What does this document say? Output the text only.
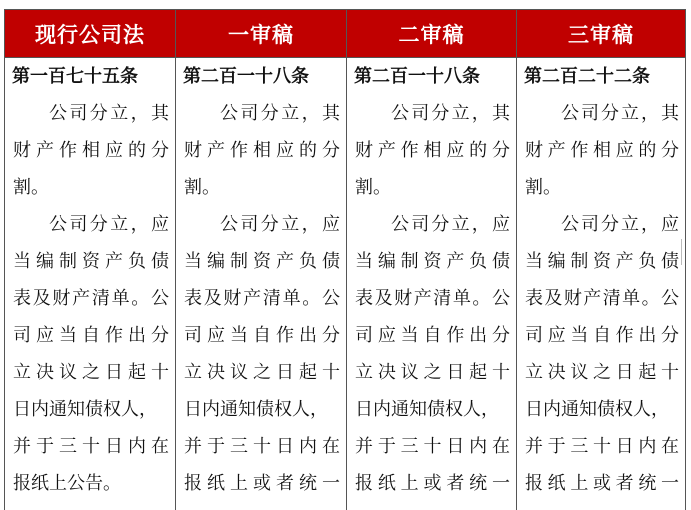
现行公司法
第一百七十五条
公司分立，其
财产作相应的分
割。
公司分立，应
当编制资产负债
表及财产清单。公
司应当自作出分
立决议之日起十
日内通知债权人，
并于三十日内在
报纸上公告。
一审稿
第二百一十八条
公司分立，其
财产作相应的分
割。
公司分立，应
当编制资产负债
表及财产清单。公
司应当自作出分
立决议之日起十
日内通知债权人，
并于三十日内在
报纸上或者统一
二审稿
第二百一十八条
公司分立，其
财产作相应的分
割。
公司分立，应
当编制资产负债
表及财产清单。公
司应当自作出分
立决议之日起十
日内通知债权人，
并于三十日内在
报纸上或者统一
三审稿
第二百二十二条
公司分立，其
财产作相应的分
割。
公司分立，应
当编制资产负债
表及财产清单。公
司应当自作出分
立决议之日起十
日内通知债权人，
并于三十日内在
报纸上或者统一
